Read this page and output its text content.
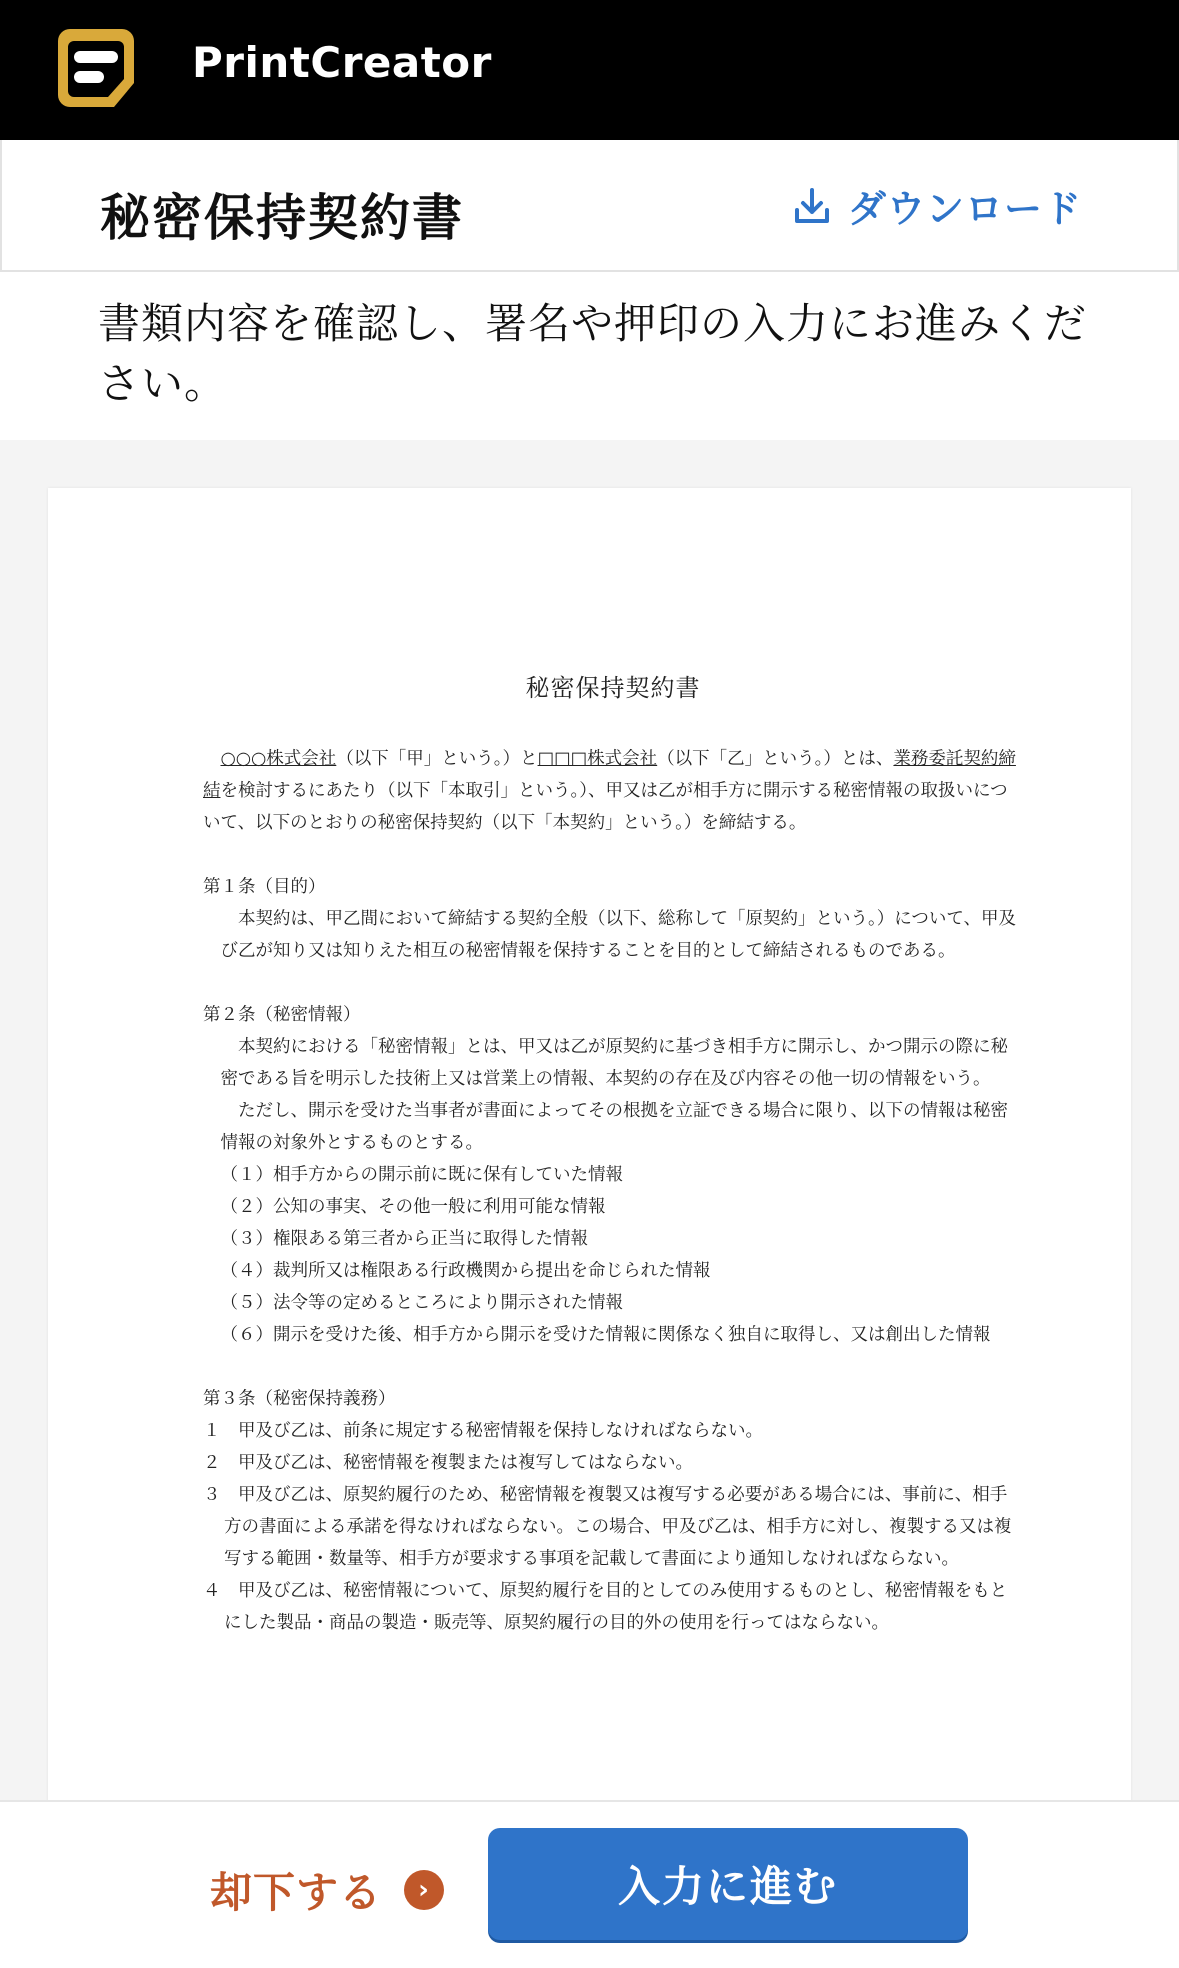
PrintCreator
秘密保持契約書	ダウンロード
書類内容を確認し、署名や押印の入力にお進みください。
秘密保持契約書
○○○株式会社（以下「甲」という。）と□□□株式会社（以下「乙」という。）とは、業務委託契約締結を検討するにあたり（以下「本取引」という。）、甲又は乙が相手方に開示する秘密情報の取扱いについて、以下のとおりの秘密保持契約（以下「本契約」という。）を締結する。
第１条（目的）
本契約は、甲乙間において締結する契約全般（以下、総称して「原契約」という。）について、甲及び乙が知り又は知りえた相互の秘密情報を保持することを目的として締結されるものである。
第２条（秘密情報）
本契約における「秘密情報」とは、甲又は乙が原契約に基づき相手方に開示し、かつ開示の際に秘密である旨を明示した技術上又は営業上の情報、本契約の存在及び内容その他一切の情報をいう。
ただし、開示を受けた当事者が書面によってその根拠を立証できる場合に限り、以下の情報は秘密情報の対象外とするものとする。
（１）相手方からの開示前に既に保有していた情報
（２）公知の事実、その他一般に利用可能な情報
（３）権限ある第三者から正当に取得した情報
（４）裁判所又は権限ある行政機関から提出を命じられた情報
（５）法令等の定めるところにより開示された情報
（６）開示を受けた後、相手方から開示を受けた情報に関係なく独自に取得し、又は創出した情報
第３条（秘密保持義務）
１　甲及び乙は、前条に規定する秘密情報を保持しなければならない。
２　甲及び乙は、秘密情報を複製または複写してはならない。
３　甲及び乙は、原契約履行のため、秘密情報を複製又は複写する必要がある場合には、事前に、相手方の書面による承諾を得なければならない。この場合、甲及び乙は、相手方に対し、複製する又は複写する範囲・数量等、相手方が要求する事項を記載して書面により通知しなければならない。
４　甲及び乙は、秘密情報について、原契約履行を目的としてのみ使用するものとし、秘密情報をもとにした製品・商品の製造・販売等、原契約履行の目的外の使用を行ってはならない。
却下する	›	入力に進む
